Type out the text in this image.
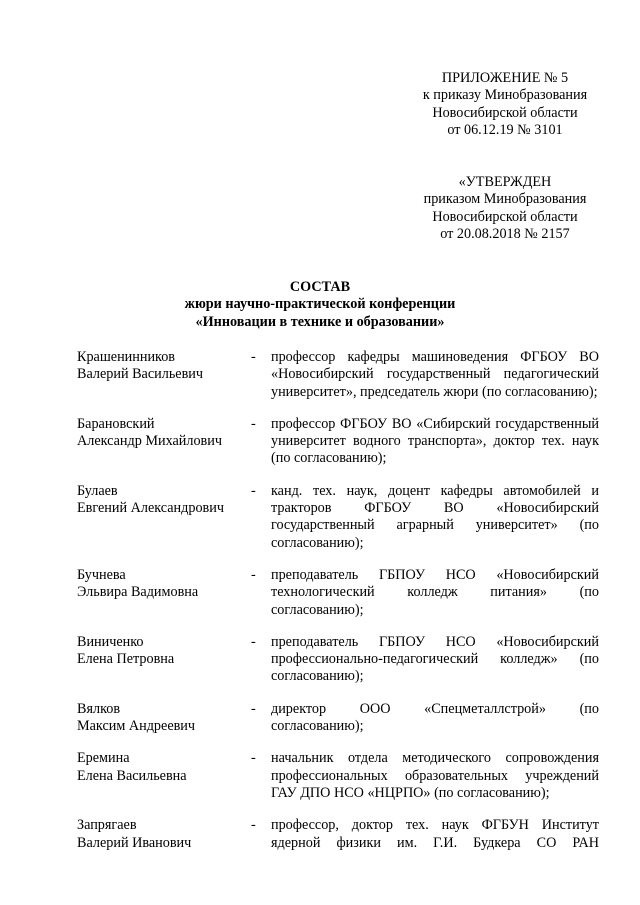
ПРИЛОЖЕНИЕ № 5
к приказу Минобразования
Новосибирской области
от 06.12.19 № 3101
«УТВЕРЖДЕН
приказом Минобразования
Новосибирской области
от 20.08.2018 № 2157
СОСТАВ
жюри научно-практической конференции
«Инновации в технике и образовании»
Крашенинников
Валерий Васильевич
-	профессор кафедры машиноведения ФГБОУ ВО «Новосибирский государственный педагогический университет», председатель жюри (по согласованию);
Барановский
Александр Михайлович
-	профессор ФГБОУ ВО «Сибирский государственный университет водного транспорта», доктор тех. наук (по согласованию);
Булаев
Евгений Александрович
-	канд. тех. наук, доцент кафедры автомобилей и тракторов ФГБОУ ВО «Новосибирский государственный аграрный университет» (по согласованию);
Бучнева
Эльвира Вадимовна
-	преподаватель ГБПОУ НСО «Новосибирский технологический колледж питания» (по согласованию);
Виниченко
Елена Петровна
-	преподаватель ГБПОУ НСО «Новосибирский профессионально-педагогический колледж» (по согласованию);
Вялков
Максим Андреевич
-	директор ООО «Спецметаллстрой» (по согласованию);
Еремина
Елена Васильевна
-	начальник отдела методического сопровождения профессиональных образовательных учреждений ГАУ ДПО НСО «НЦРПО» (по согласованию);
Запрягаев
Валерий Иванович
-	профессор, доктор тех. наук ФГБУН Институт ядерной физики им. Г.И. Будкера СО РАН
